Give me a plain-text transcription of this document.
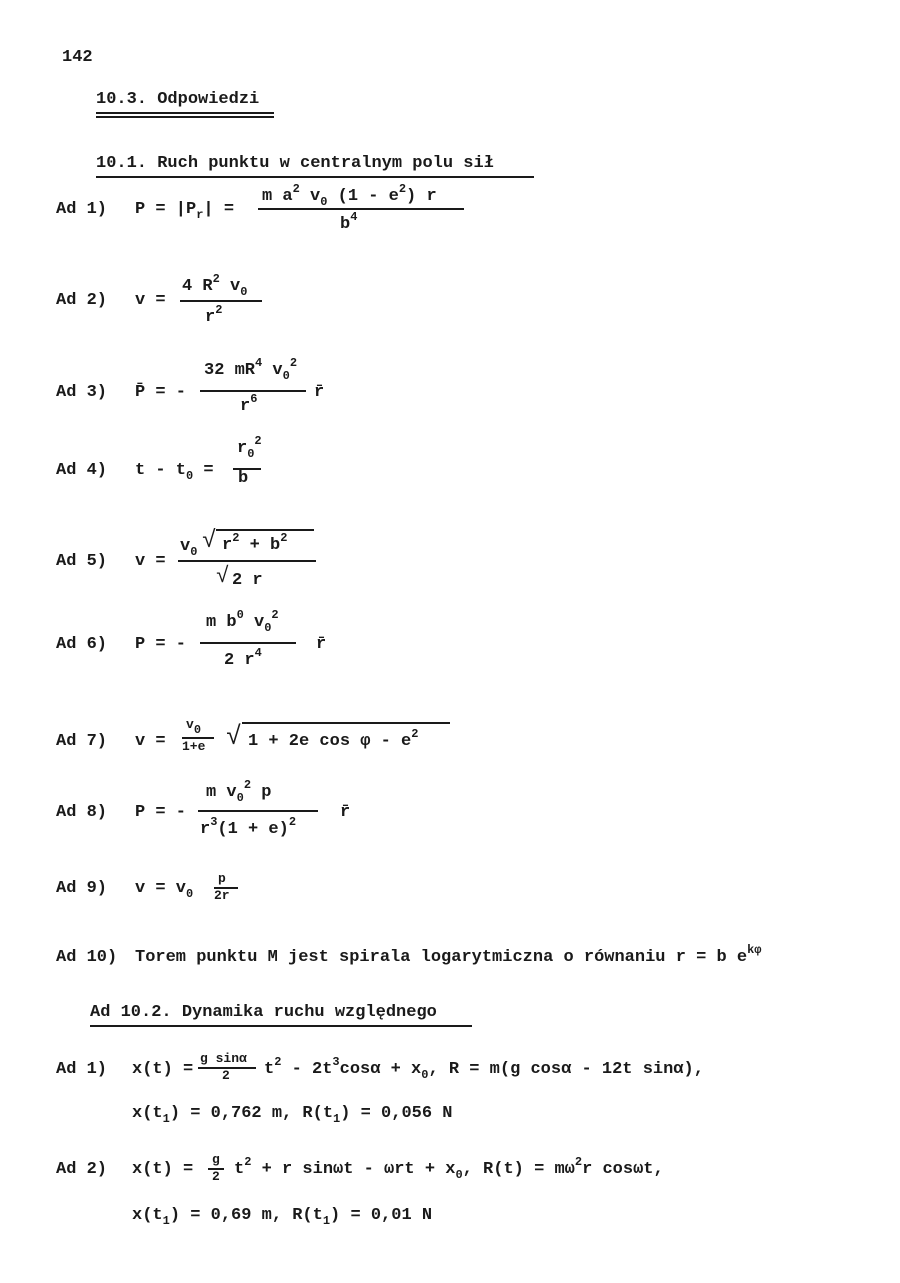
142
10.3. Odpowiedzi
10.1. Ruch punktu w centralnym polu sił
Ad 1) $P = |P_r|$ =
m $a^2$ $v_0$ $(1 - e^2)$ r
$b^4$
Ad 2) v =
4 $R^2$ $v_0$
$r^2$
Ad 3) P̄ = -
32 $mR^4$ $v_0^2$
$r^6$	r̄
Ad 4) t - $t_0$ =
$r_0^2$
b
Ad 5) v =
$v_0$ √ $r^2 + b^2$
√ 2 r
Ad 6) P = -
m $b^0$ $v_0^2$
2 $r^4$	r̄
Ad 7) v =
v0
1+e √ 1 + 2e cos φ - $e^2$
Ad 8) P = -
m $v_0^2$ p
$r^3(1 + e)^2$	r̄
Ad 9) $v = v_0$
p
2r
Ad 10) Torem punktu M jest spirala logarytmiczna o równaniu r = b $e^{k\varphi}$
Ad 10.2. Dynamika ruchu względnego
Ad 1) x(t) =
g sinα
2 $t^2 - 2t^3\cos\alpha + x_0$, R = m(g cosα - 12t sinα),
$x(t_1) = 0,762$ m, $R(t_1) = 0,056$ N
Ad 2) x(t) =
g
2 $t^2 + r$ $\sin\omega t - \omega rt + x_0$, $R(t) = m\omega^2r$ cosωt,
$x(t_1) = 0,69$ m, $R(t_1) = 0,01$ N
